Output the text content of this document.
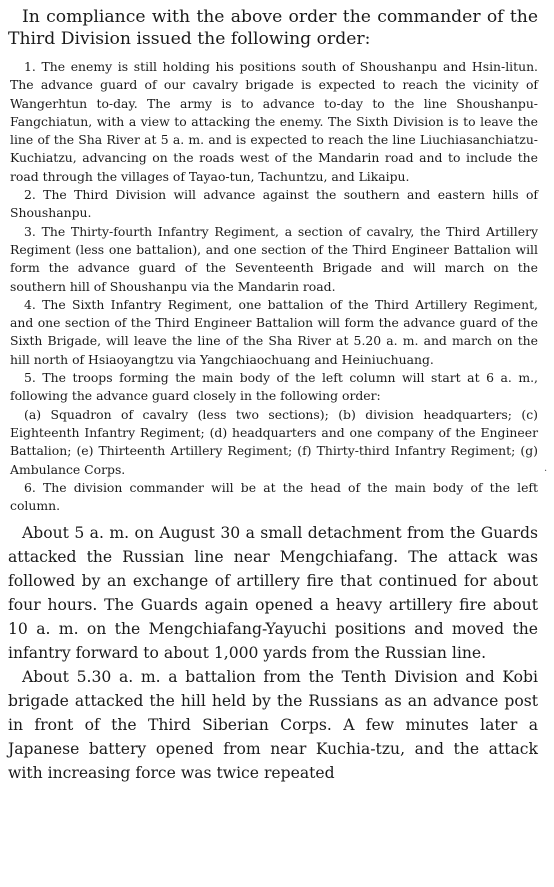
In compliance with the above order the commander of the Third Division issued the following order:

1. The enemy is still holding his positions south of Shoushanpu and Hsin-litun. The advance guard of our cavalry brigade is expected to reach the vicinity of Wangerhtun to-day. The army is to advance to-day to the line Shoushanpu-Fangchiatun, with a view to attacking the enemy. The Sixth Division is to leave the line of the Sha River at 5 a. m. and is expected to reach the line Liuchiasanchiatzu-Kuchiatzu, advancing on the roads west of the Mandarin road and to include the road through the villages of Tayao-tun, Tachuntzu, and Likaipu.

2. The Third Division will advance against the southern and eastern hills of Shoushanpu.

3. The Thirty-fourth Infantry Regiment, a section of cavalry, the Third Artillery Regiment (less one battalion), and one section of the Third Engineer Battalion will form the advance guard of the Seventeenth Brigade and will march on the southern hill of Shoushanpu via the Mandarin road.

4. The Sixth Infantry Regiment, one battalion of the Third Artillery Regiment, and one section of the Third Engineer Battalion will form the advance guard of the Sixth Brigade, will leave the line of the Sha River at 5.20 a. m. and march on the hill north of Hsiaoyangtzu via Yangchiaochuang and Heiniuchuang.

5. The troops forming the main body of the left column will start at 6 a. m., following the advance guard closely in the following order:

(a) Squadron of cavalry (less two sections); (b) division headquarters; (c) Eighteenth Infantry Regiment; (d) headquarters and one company of the Engineer Battalion; (e) Thirteenth Artillery Regiment; (f) Thirty-third Infantry Regiment; (g) Ambulance Corps.

6. The division commander will be at the head of the main body of the left column.

About 5 a. m. on August 30 a small detachment from the Guards attacked the Russian line near Mengchiafang. The attack was followed by an exchange of artillery fire that continued for about four hours. The Guards again opened a heavy artillery fire about 10 a. m. on the Mengchiafang-Yayuchi positions and moved the infantry forward to about 1,000 yards from the Russian line.

About 5.30 a. m. a battalion from the Tenth Division and Kobi brigade attacked the hill held by the Russians as an advance post in front of the Third Siberian Corps. A few minutes later a Japanese battery opened from near Kuchia-tzu, and the attack with increasing force was twice repeated

·
